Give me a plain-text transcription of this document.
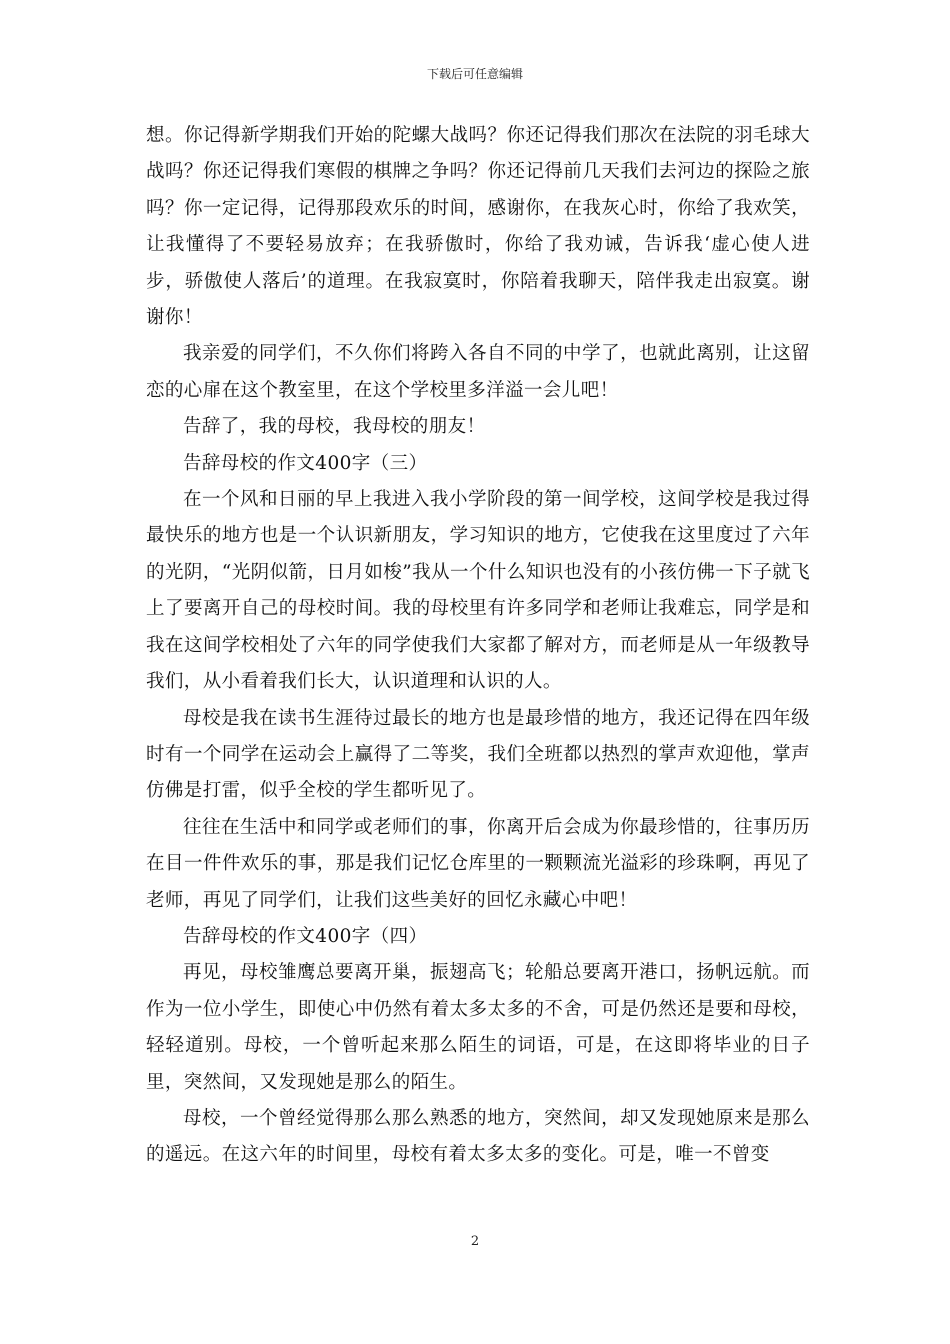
下载后可任意编辑

想。你记得新学期我们开始的陀螺大战吗？你还记得我们那次在法院的羽毛球大战吗？你还记得我们寒假的棋牌之争吗？你还记得前几天我们去河边的探险之旅吗？你一定记得，记得那段欢乐的时间，感谢你，在我灰心时，你给了我欢笑，让我懂得了不要轻易放弃；在我骄傲时，你给了我劝诫，告诉我‘虚心使人进步，骄傲使人落后’的道理。在我寂寞时，你陪着我聊天，陪伴我走出寂寞。谢谢你！

我亲爱的同学们，不久你们将跨入各自不同的中学了，也就此离别，让这留恋的心扉在这个教室里，在这个学校里多洋溢一会儿吧！

告辞了，我的母校，我母校的朋友！

告辞母校的作文400字（三）

在一个风和日丽的早上我进入我小学阶段的第一间学校，这间学校是我过得最快乐的地方也是一个认识新朋友，学习知识的地方，它使我在这里度过了六年的光阴，“光阴似箭，日月如梭”我从一个什么知识也没有的小孩仿佛一下子就飞上了要离开自己的母校时间。我的母校里有许多同学和老师让我难忘，同学是和我在这间学校相处了六年的同学使我们大家都了解对方，而老师是从一年级教导我们，从小看着我们长大，认识道理和认识的人。

母校是我在读书生涯待过最长的地方也是最珍惜的地方，我还记得在四年级时有一个同学在运动会上赢得了二等奖，我们全班都以热烈的掌声欢迎他，掌声仿佛是打雷，似乎全校的学生都听见了。

往往在生活中和同学或老师们的事，你离开后会成为你最珍惜的，往事历历在目一件件欢乐的事，那是我们记忆仓库里的一颗颗流光溢彩的珍珠啊，再见了老师，再见了同学们，让我们这些美好的回忆永藏心中吧！

告辞母校的作文400字（四）

再见，母校雏鹰总要离开巢，振翅高飞；轮船总要离开港口，扬帆远航。而作为一位小学生，即使心中仍然有着太多太多的不舍，可是仍然还是要和母校，轻轻道别。母校，一个曾听起来那么陌生的词语，可是，在这即将毕业的日子里，突然间，又发现她是那么的陌生。

母校，一个曾经觉得那么那么熟悉的地方，突然间，却又发现她原来是那么的遥远。在这六年的时间里，母校有着太多太多的变化。可是，唯一不曾变

2
